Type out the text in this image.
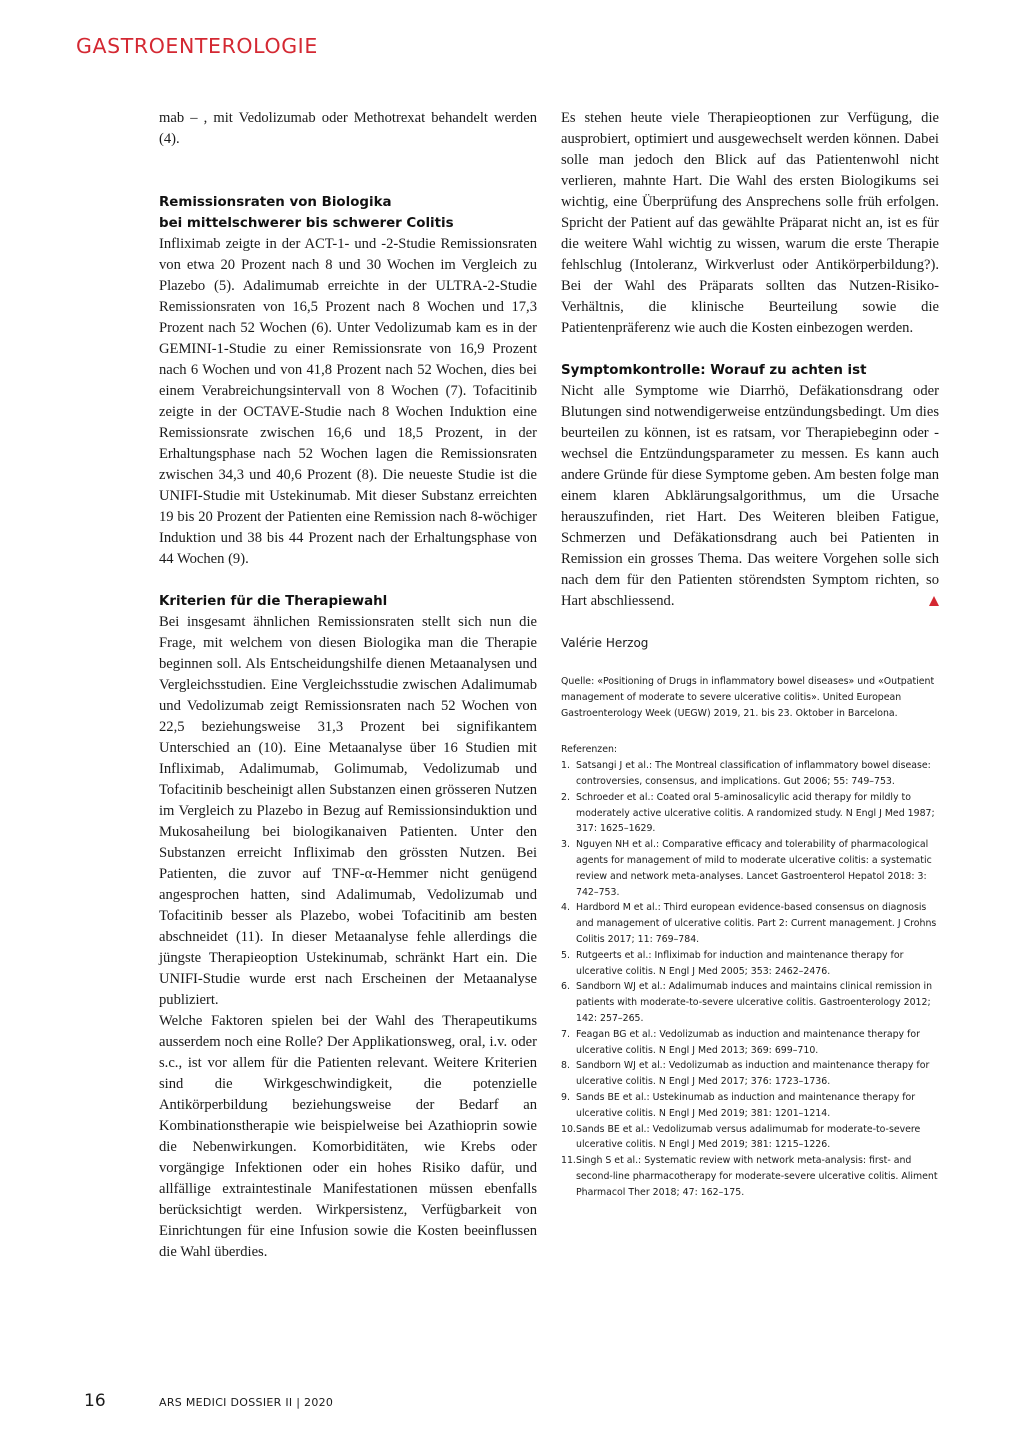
GASTROENTEROLOGIE

mab – , mit Vedolizumab oder Methotrexat behandelt werden (4).

Remissionsraten von Biologika
bei mittelschwerer bis schwerer Colitis

Infliximab zeigte in der ACT-1- und -2-Studie Remissionsraten von etwa 20 Prozent nach 8 und 30 Wochen im Vergleich zu Plazebo (5). Adalimumab erreichte in der ULTRA-2-Studie Remissionsraten von 16,5 Prozent nach 8 Wochen und 17,3 Prozent nach 52 Wochen (6). Unter Vedolizumab kam es in der GEMINI-1-Studie zu einer Remissionsrate von 16,9 Prozent nach 6 Wochen und von 41,8 Prozent nach 52 Wochen, dies bei einem Verabreichungsintervall von 8 Wochen (7). Tofacitinib zeigte in der OCTAVE-Studie nach 8 Wochen Induktion eine Remissionsrate zwischen 16,6 und 18,5 Prozent, in der Erhaltungsphase nach 52 Wochen lagen die Remissionsraten zwischen 34,3 und 40,6 Prozent (8). Die neueste Studie ist die UNIFI-Studie mit Ustekinumab. Mit dieser Substanz erreichten 19 bis 20 Prozent der Patienten eine Remission nach 8-wöchiger Induktion und 38 bis 44 Prozent nach der Erhaltungsphase von 44 Wochen (9).

Kriterien für die Therapiewahl

Bei insgesamt ähnlichen Remissionsraten stellt sich nun die Frage, mit welchem von diesen Biologika man die Therapie beginnen soll. Als Entscheidungshilfe dienen Metaanalysen und Vergleichsstudien. Eine Vergleichsstudie zwischen Adalimumab und Vedolizumab zeigt Remissionsraten nach 52 Wochen von 22,5 beziehungsweise 31,3 Prozent bei signifikantem Unterschied an (10). Eine Metaanalyse über 16 Studien mit Infliximab, Adalimumab, Golimumab, Vedolizumab und Tofacitinib bescheinigt allen Substanzen einen grösseren Nutzen im Vergleich zu Plazebo in Bezug auf Remissionsinduktion und Mukosaheilung bei biologikanaiven Patienten. Unter den Substanzen erreicht Infliximab den grössten Nutzen. Bei Patienten, die zuvor auf TNF-α-Hemmer nicht genügend angesprochen hatten, sind Adalimumab, Vedolizumab und Tofacitinib besser als Plazebo, wobei Tofacitinib am besten abschneidet (11). In dieser Metaanalyse fehle allerdings die jüngste Therapieoption Ustekinumab, schränkt Hart ein. Die UNIFI-Studie wurde erst nach Erscheinen der Metaanalyse publiziert.

Welche Faktoren spielen bei der Wahl des Therapeutikums ausserdem noch eine Rolle? Der Applikationsweg, oral, i.v. oder s.c., ist vor allem für die Patienten relevant. Weitere Kriterien sind die Wirkgeschwindigkeit, die potenzielle Antikörperbildung beziehungsweise der Bedarf an Kombinationstherapie wie beispielweise bei Azathioprin sowie die Nebenwirkungen. Komorbiditäten, wie Krebs oder vorgängige Infektionen oder ein hohes Risiko dafür, und allfällige extraintestinale Manifestationen müssen ebenfalls berücksichtigt werden. Wirkpersistenz, Verfügbarkeit von Einrichtungen für eine Infusion sowie die Kosten beeinflussen die Wahl überdies.

Es stehen heute viele Therapieoptionen zur Verfügung, die ausprobiert, optimiert und ausgewechselt werden können. Dabei solle man jedoch den Blick auf das Patientenwohl nicht verlieren, mahnte Hart. Die Wahl des ersten Biologikums sei wichtig, eine Überprüfung des Ansprechens solle früh erfolgen. Spricht der Patient auf das gewählte Präparat nicht an, ist es für die weitere Wahl wichtig zu wissen, warum die erste Therapie fehlschlug (Intoleranz, Wirkverlust oder Antikörperbildung?). Bei der Wahl des Präparats sollten das Nutzen-Risiko-Verhältnis, die klinische Beurteilung sowie die Patientenpräferenz wie auch die Kosten einbezogen werden.

Symptomkontrolle: Worauf zu achten ist

Nicht alle Symptome wie Diarrhö, Defäkationsdrang oder Blutungen sind notwendigerweise entzündungsbedingt. Um dies beurteilen zu können, ist es ratsam, vor Therapiebeginn oder -wechsel die Entzündungsparameter zu messen. Es kann auch andere Gründe für diese Symptome geben. Am besten folge man einem klaren Abklärungsalgorithmus, um die Ursache herauszufinden, riet Hart. Des Weiteren bleiben Fatigue, Schmerzen und Defäkationsdrang auch bei Patienten in Remission ein grosses Thema. Das weitere Vorgehen solle sich nach dem für den Patienten störendsten Symptom richten, so Hart abschliessend.

Valérie Herzog

Quelle: «Positioning of Drugs in inflammatory bowel diseases» und «Outpatient management of moderate to severe ulcerative colitis». United European Gastroenterology Week (UEGW) 2019, 21. bis 23. Oktober in Barcelona.

Referenzen:

1. Satsangi J et al.: The Montreal classification of inflammatory bowel disease: controversies, consensus, and implications. Gut 2006; 55: 749–753.
2. Schroeder et al.: Coated oral 5-aminosalicylic acid therapy for mildly to moderately active ulcerative colitis. A randomized study. N Engl J Med 1987; 317: 1625–1629.
3. Nguyen NH et al.: Comparative efficacy and tolerability of pharmacological agents for management of mild to moderate ulcerative colitis: a systematic review and network meta-analyses. Lancet Gastroenterol Hepatol 2018: 3: 742–753.
4. Hardbord M et al.: Third european evidence-based consensus on diagnosis and management of ulcerative colitis. Part 2: Current management. J Crohns Colitis 2017; 11: 769–784.
5. Rutgeerts et al.: Infliximab for induction and maintenance therapy for ulcerative colitis. N Engl J Med 2005; 353: 2462–2476.
6. Sandborn WJ et al.: Adalimumab induces and maintains clinical remission in patients with moderate-to-severe ulcerative colitis. Gastroenterology 2012; 142: 257–265.
7. Feagan BG et al.: Vedolizumab as induction and maintenance therapy for ulcerative colitis. N Engl J Med 2013; 369: 699–710.
8. Sandborn WJ et al.: Vedolizumab as induction and maintenance therapy for ulcerative colitis. N Engl J Med 2017; 376: 1723–1736.
9. Sands BE et al.: Ustekinumab as induction and maintenance therapy for ulcerative colitis. N Engl J Med 2019; 381: 1201–1214.
10. Sands BE et al.: Vedolizumab versus adalimumab for moderate-to-severe ulcerative colitis. N Engl J Med 2019; 381: 1215–1226.
11. Singh S et al.: Systematic review with network meta-analysis: first- and second-line pharmacotherapy for moderate-severe ulcerative colitis. Aliment Pharmacol Ther 2018; 47: 162–175.
16	ARS MEDICI DOSSIER II | 2020
